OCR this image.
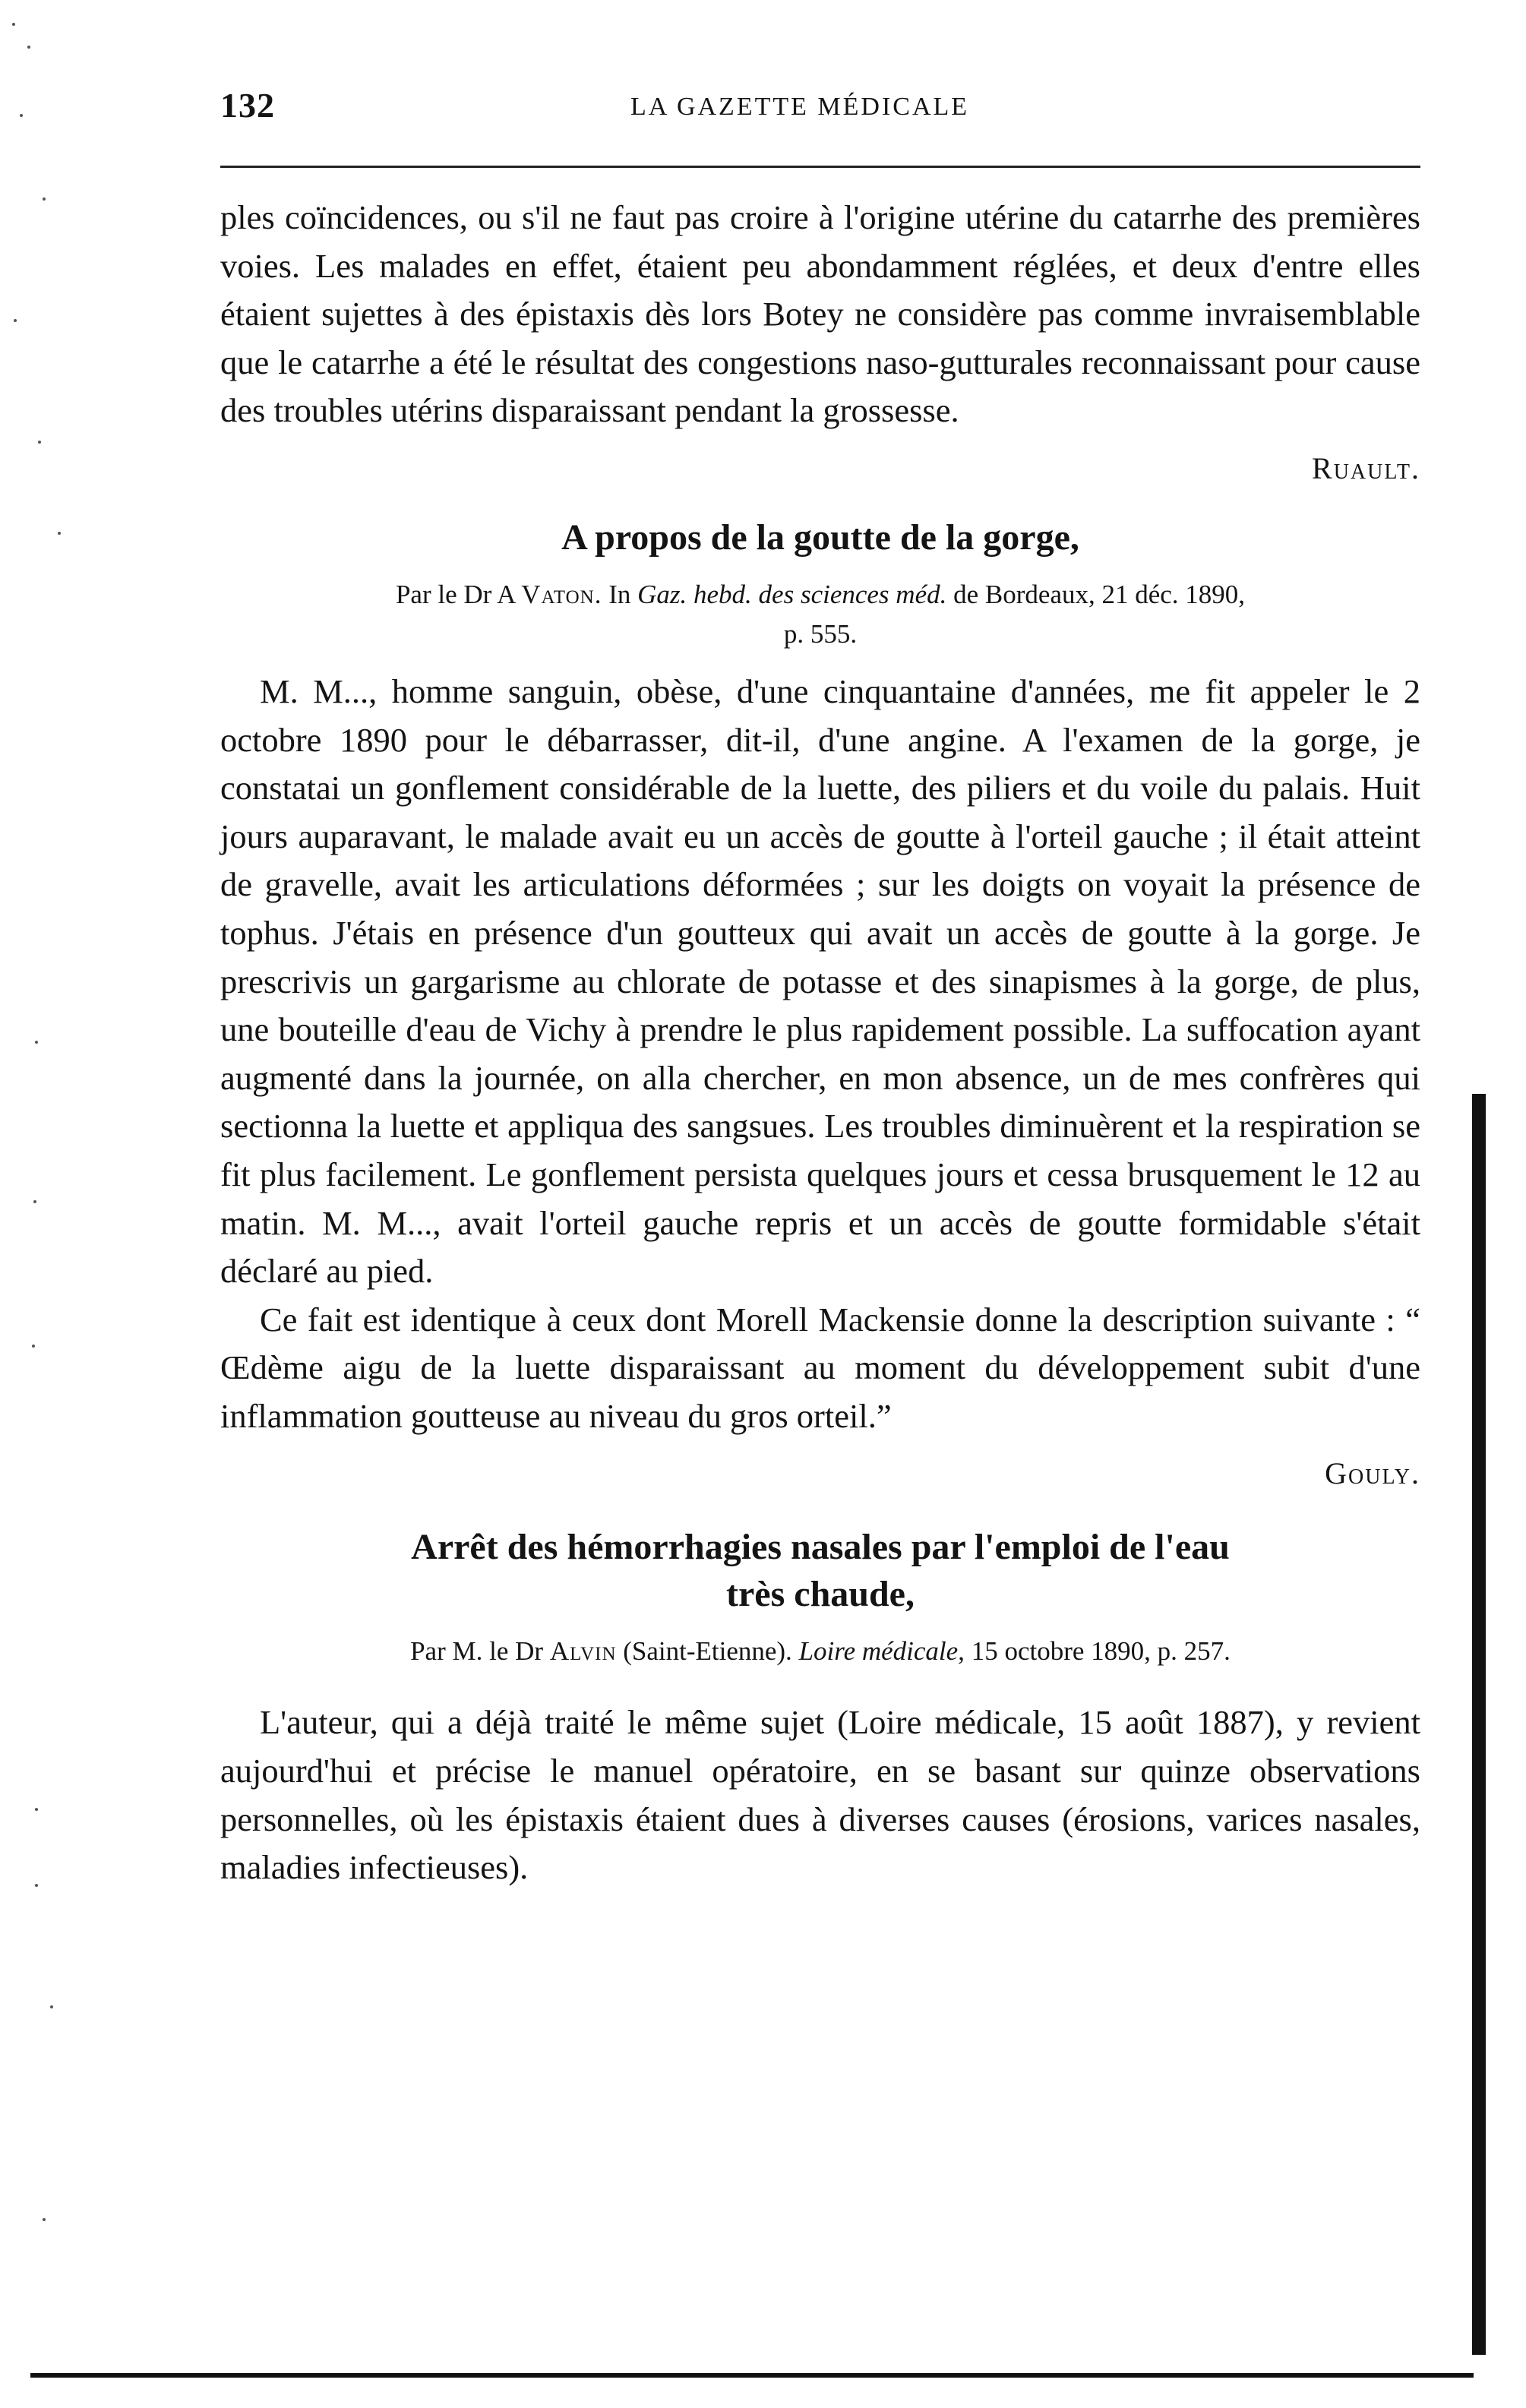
132	LA GAZETTE MÉDICALE

ples coïncidences, ou s'il ne faut pas croire à l'origine utérine du catarrhe des premières voies. Les malades en effet, étaient peu abondamment réglées, et deux d'entre elles étaient sujettes à des épistaxis dès lors Botey ne considère pas comme invraisemblable que le catarrhe a été le résultat des congestions naso-gutturales reconnaissant pour cause des troubles utérins disparaissant pendant la grossesse.

Ruault.

A propos de la goutte de la gorge,

Par le Dr A Vaton. In Gaz. hebd. des sciences méd. de Bordeaux, 21 déc. 1890,
p. 555.

M. M..., homme sanguin, obèse, d'une cinquantaine d'années, me fit appeler le 2 octobre 1890 pour le débarrasser, dit-il, d'une angine. A l'examen de la gorge, je constatai un gonflement considérable de la luette, des piliers et du voile du palais. Huit jours auparavant, le malade avait eu un accès de goutte à l'orteil gauche ; il était atteint de gravelle, avait les articulations déformées ; sur les doigts on voyait la présence de tophus. J'étais en présence d'un goutteux qui avait un accès de goutte à la gorge. Je prescrivis un gargarisme au chlorate de potasse et des sinapismes à la gorge, de plus, une bouteille d'eau de Vichy à prendre le plus rapidement possible. La suffocation ayant augmenté dans la journée, on alla chercher, en mon absence, un de mes confrères qui sectionna la luette et appliqua des sangsues. Les troubles diminuèrent et la respiration se fit plus facilement. Le gonflement persista quelques jours et cessa brusquement le 12 au matin. M. M..., avait l'orteil gauche repris et un accès de goutte formidable s'était déclaré au pied.

Ce fait est identique à ceux dont Morell Mackensie donne la description suivante : “ Œdème aigu de la luette disparaissant au moment du développement subit d'une inflammation goutteuse au niveau du gros orteil.”

Gouly.

Arrêt des hémorrhagies nasales par l'emploi de l'eau
très chaude,

Par M. le Dr Alvin (Saint-Etienne). Loire médicale, 15 octobre 1890, p. 257.

L'auteur, qui a déjà traité le même sujet (Loire médicale, 15 août 1887), y revient aujourd'hui et précise le manuel opératoire, en se basant sur quinze observations personnelles, où les épistaxis étaient dues à diverses causes (érosions, varices nasales, maladies infectieuses).
